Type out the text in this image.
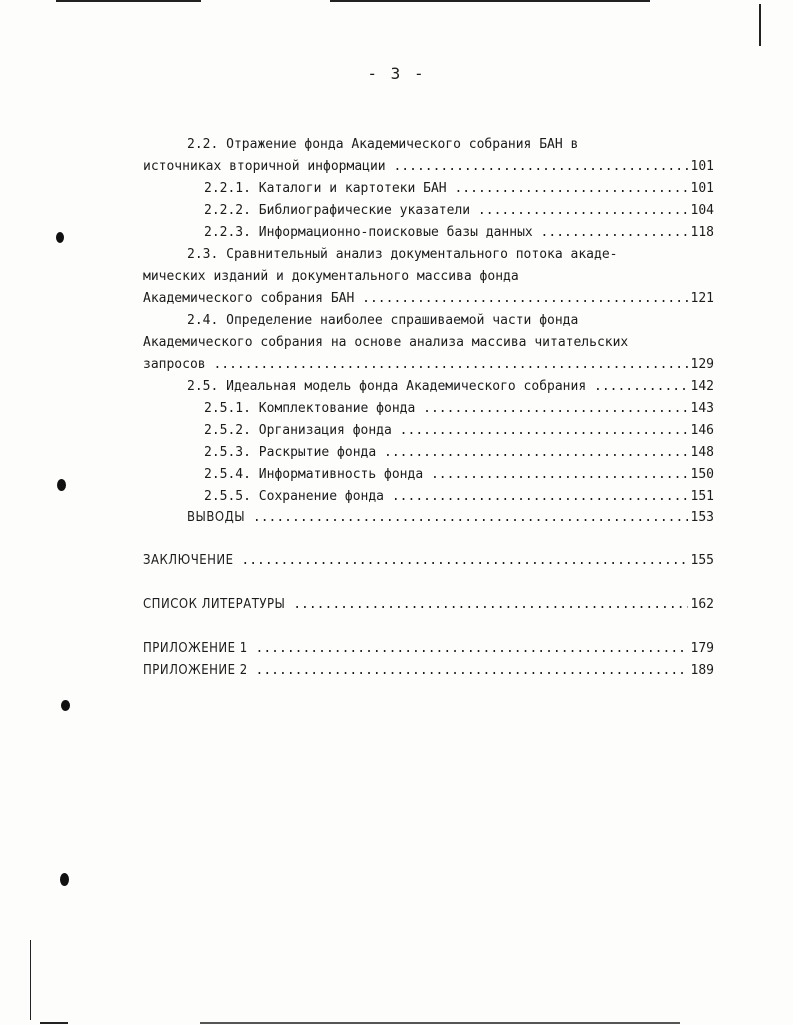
- 3 -
2.2. Отражение фонда Академического собрания БАН в
источниках вторичной информации	101
.....
2.2.1. Каталоги и картотеки БАН	101
.....
2.2.2. Библиографические указатели	104
.....
2.2.3. Информационно-поисковые базы данных	118
.....
2.3. Сравнительный анализ документального потока акаде-
мических изданий и документального массива фонда
Академического собрания БАН	121
.....
2.4. Определение наиболее спрашиваемой части фонда
Академического собрания на основе анализа массива читательских
запросов	129
.....
2.5. Идеальная модель фонда Академического собрания	142
.....
2.5.1. Комплектование фонда	143
.....
2.5.2. Организация фонда	146
.....
2.5.3. Раскрытие фонда	148
.....
2.5.4. Информативность фонда	150
.....
2.5.5. Сохранение фонда	151
.....
ВЫВОДЫ	153
.....
ЗАКЛЮЧЕНИЕ	155
.....
СПИСОК ЛИТЕРАТУРЫ	162
.....
ПРИЛОЖЕНИЕ 1	179
.....
ПРИЛОЖЕНИЕ 2	189
.....
